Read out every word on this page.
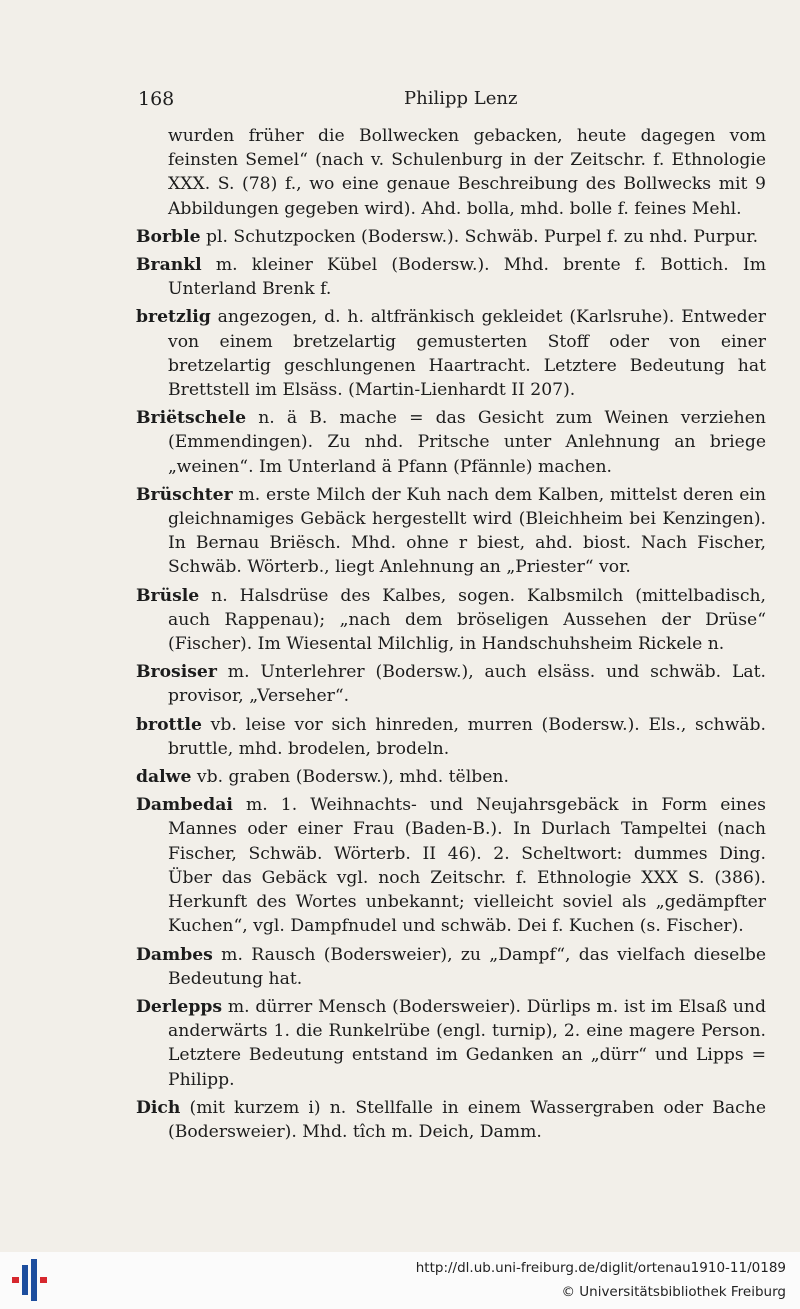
168	Philipp Lenz

wurden früher die Bollwecken gebacken, heute dagegen vom feinsten Semel“ (nach v. Schulenburg in der Zeitschr. f. Ethnologie XXX. S. (78) f., wo eine genaue Beschreibung des Bollwecks mit 9 Abbildungen gegeben wird). Ahd. bolla, mhd. bolle f. feines Mehl.

Borble pl. Schutzpocken (Bodersw.). Schwäb. Purpel f. zu nhd. Purpur.

Brankl m. kleiner Kübel (Bodersw.). Mhd. brente f. Bottich. Im Unterland Brenk f.

bretzlig angezogen, d. h. altfränkisch gekleidet (Karlsruhe). Entweder von einem bretzelartig gemusterten Stoff oder von einer bretzelartig geschlungenen Haartracht. Letztere Bedeutung hat Brettstell im Elsäss. (Martin-Lienhardt II 207).

Briëtschele n. ä B. mache = das Gesicht zum Weinen verziehen (Emmendingen). Zu nhd. Pritsche unter Anlehnung an briege „weinen“. Im Unterland ä Pfann (Pfännle) machen.

Brüschter m. erste Milch der Kuh nach dem Kalben, mittelst deren ein gleichnamiges Gebäck hergestellt wird (Bleichheim bei Kenzingen). In Bernau Briësch. Mhd. ohne r biest, ahd. biost. Nach Fischer, Schwäb. Wörterb., liegt Anlehnung an „Priester“ vor.

Brüsle n. Halsdrüse des Kalbes, sogen. Kalbsmilch (mittelbadisch, auch Rappenau); „nach dem bröseligen Aussehen der Drüse“ (Fischer). Im Wiesental Milchlig, in Handschuhsheim Rickele n.

Brosiser m. Unterlehrer (Bodersw.), auch elsäss. und schwäb. Lat. provisor, „Verseher“.

brottle vb. leise vor sich hinreden, murren (Bodersw.). Els., schwäb. bruttle, mhd. brodelen, brodeln.

dalwe vb. graben (Bodersw.), mhd. tëlben.

Dambedai m. 1. Weihnachts- und Neujahrsgebäck in Form eines Mannes oder einer Frau (Baden-B.). In Durlach Tampeltei (nach Fischer, Schwäb. Wörterb. II 46). 2. Scheltwort: dummes Ding. Über das Gebäck vgl. noch Zeitschr. f. Ethnologie XXX S. (386). Herkunft des Wortes unbekannt; vielleicht soviel als „gedämpfter Kuchen“, vgl. Dampfnudel und schwäb. Dei f. Kuchen (s. Fischer).

Dambes m. Rausch (Bodersweier), zu „Dampf“, das vielfach dieselbe Bedeutung hat.

Derlepps m. dürrer Mensch (Bodersweier). Dürlips m. ist im Elsaß und anderwärts 1. die Runkelrübe (engl. turnip), 2. eine magere Person. Letztere Bedeutung entstand im Gedanken an „dürr“ und Lipps = Philipp.

Dich (mit kurzem i) n. Stellfalle in einem Wassergraben oder Bache (Bodersweier). Mhd. tîch m. Deich, Damm.

http://dl.ub.uni-freiburg.de/diglit/ortenau1910-11/0189
© Universitätsbibliothek Freiburg
